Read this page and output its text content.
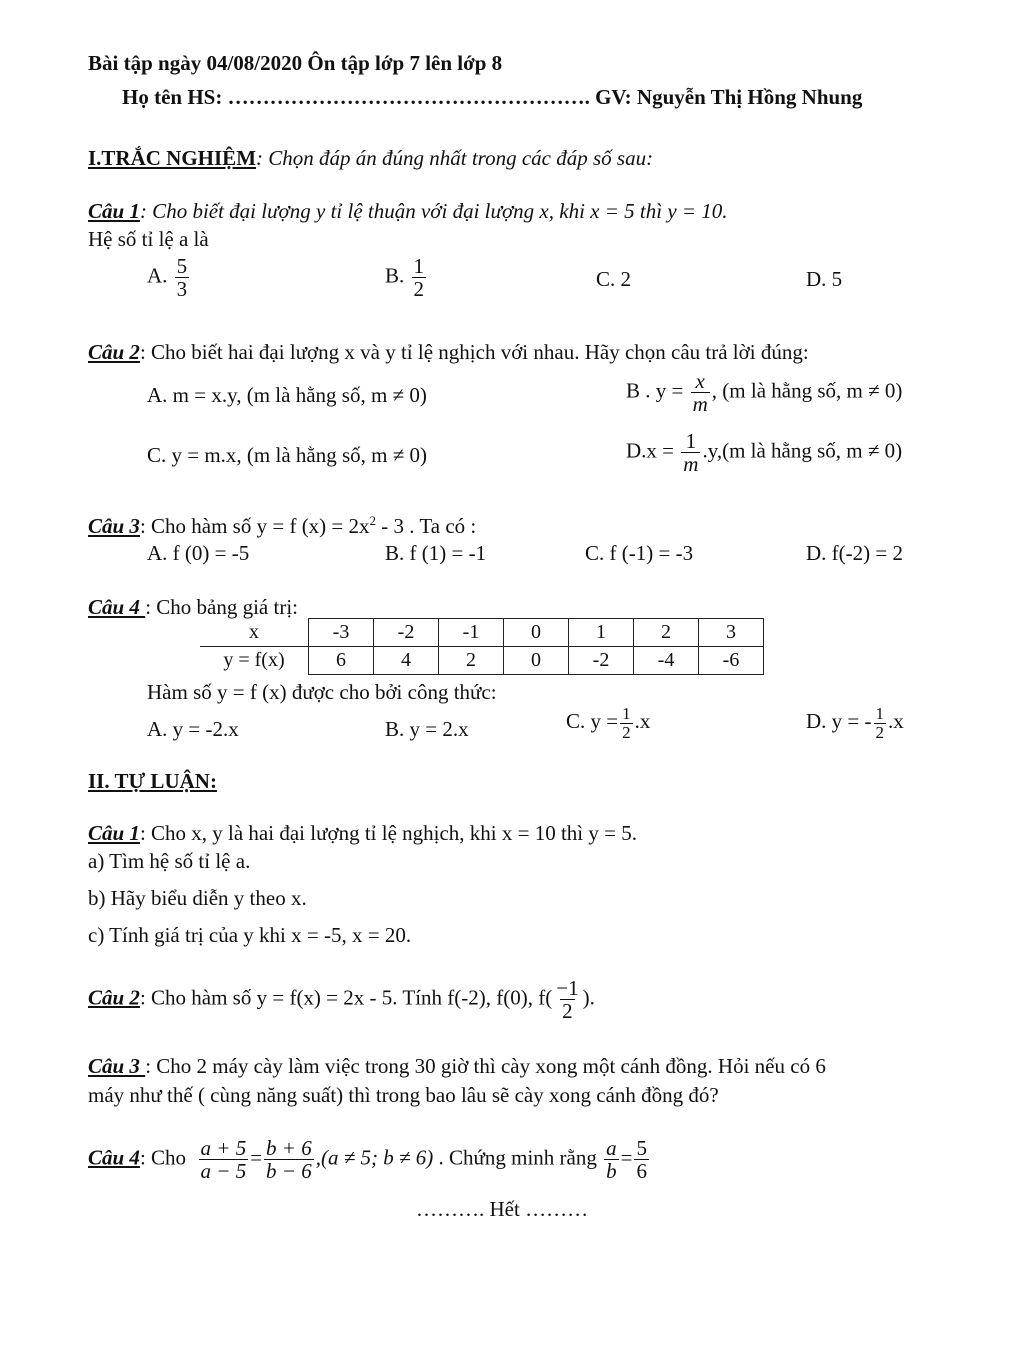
Bài tập ngày 04/08/2020 Ôn tập lớp 7 lên lớp 8
Họ tên HS: ……………………………………………. GV: Nguyễn Thị Hồng Nhung
I.TRẮC NGHIỆM: Chọn đáp án đúng nhất trong các đáp số sau:
Câu 1: Cho biết đại lượng y tỉ lệ thuận với đại lượng x, khi x = 5 thì y = 10.
Hệ số tỉ lệ a là
A. $\frac{5}{3}$	B. $\frac{1}{2}$	C. 2	D. 5
Câu 2: Cho biết hai đại lượng x và y tỉ lệ nghịch với nhau. Hãy chọn câu trả lời đúng:
A. m = x.y, (m là hằng số, m ≠ 0)	B . $y = \frac{x}{m}$ , (m là hằng số, m ≠ 0)
C. y = m.x, (m là hằng số, m ≠ 0)	$D.x = \frac{1}{m} .y,(m$ là hằng số, m ≠ 0)
Câu 3: Cho hàm số y = f $(x) = 2x^2 - 3$ . Ta có :
A. f (0) = -5	B. f (1) = -1	C. f (-1) = -3	D. f(-2) = 2
Câu 4 : Cho bảng giá trị:
x	-3	-2	-1	0	1	2	3
y = f(x)	6	4	2	0	-2	-4	-6
Hàm số y = f (x) được cho bởi công thức:
A. y = -2.x	B. y = 2.x	C. $y = \frac{1}{2} .x$	D. y = - $\frac{1}{2} .x$
II. TỰ LUẬN:
Câu 1: Cho x, y là hai đại lượng tỉ lệ nghịch, khi x = 10 thì y = 5.
a) Tìm hệ số tỉ lệ a.
b) Hãy biểu diễn y theo x.
c) Tính giá trị của y khi x = -5, x = 20.
Câu 2: Cho hàm số y = f(x) = 2x - 5. Tính f(-2), f(0), $f( \frac{-1}{2}$ ).
Câu 3 : Cho 2 máy cày làm việc trong 30 giờ thì cày xong một cánh đồng. Hỏi nếu có 6
máy như thế ( cùng năng suất) thì trong bao lâu sẽ cày xong cánh đồng đó?
Câu 4: Cho $\frac{a + 5}{a - 5} = \frac{b + 6}{b - 6} ,(a \ne 5$; b ≠ 6) . Chứng minh rằng $\frac{a}{b} = \frac{5}{6}$
………. Hết ………
